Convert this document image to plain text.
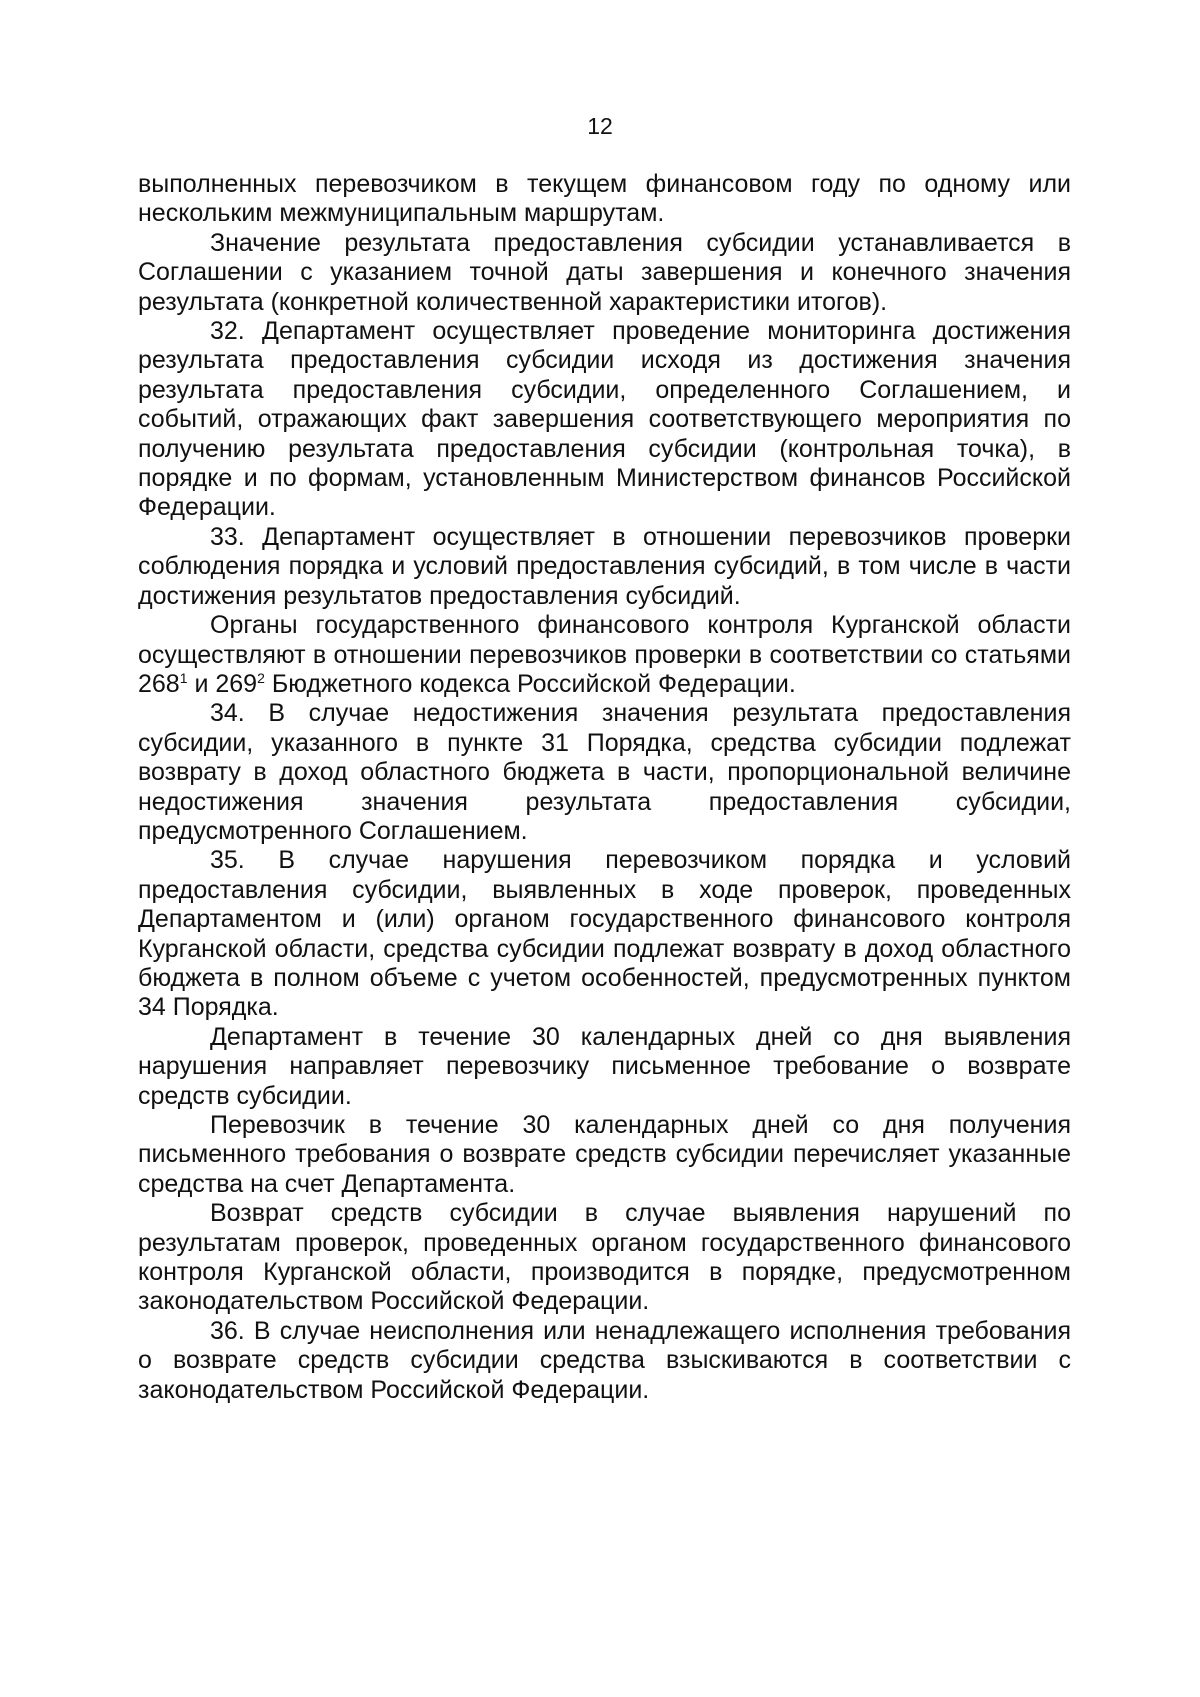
12

выполненных перевозчиком в текущем финансовом году по одному или нескольким межмуниципальным маршрутам.

Значение результата предоставления субсидии устанавливается в Соглашении с указанием точной даты завершения и конечного значения результата (конкретной количественной характеристики итогов).

32. Департамент осуществляет проведение мониторинга достижения результата предоставления субсидии исходя из достижения значения результата предоставления субсидии, определенного Соглашением, и событий, отражающих факт завершения соответствующего мероприятия по получению результата предоставления субсидии (контрольная точка), в порядке и по формам, установленным Министерством финансов Российской Федерации.

33. Департамент осуществляет в отношении перевозчиков проверки соблюдения порядка и условий предоставления субсидий, в том числе в части достижения результатов предоставления субсидий.

Органы государственного финансового контроля Курганской области осуществляют в отношении перевозчиков проверки в соответствии со статьями $268^1$ и $269^2$ Бюджетного кодекса Российской Федерации.

34. В случае недостижения значения результата предоставления субсидии, указанного в пункте 31 Порядка, средства субсидии подлежат возврату в доход областного бюджета в части, пропорциональной величине недостижения значения результата предоставления субсидии, предусмотренного Соглашением.

35. В случае нарушения перевозчиком порядка и условий предоставления субсидии, выявленных в ходе проверок, проведенных Департаментом и (или) органом государственного финансового контроля Курганской области, средства субсидии подлежат возврату в доход областного бюджета в полном объеме с учетом особенностей, предусмотренных пунктом 34 Порядка.

Департамент в течение 30 календарных дней со дня выявления нарушения направляет перевозчику письменное требование о возврате средств субсидии.

Перевозчик в течение 30 календарных дней со дня получения письменного требования о возврате средств субсидии перечисляет указанные средства на счет Департамента.

Возврат средств субсидии в случае выявления нарушений по результатам проверок, проведенных органом государственного финансового контроля Курганской области, производится в порядке, предусмотренном законодательством Российской Федерации.

36. В случае неисполнения или ненадлежащего исполнения требования о возврате средств субсидии средства взыскиваются в соответствии с законодательством Российской Федерации.
